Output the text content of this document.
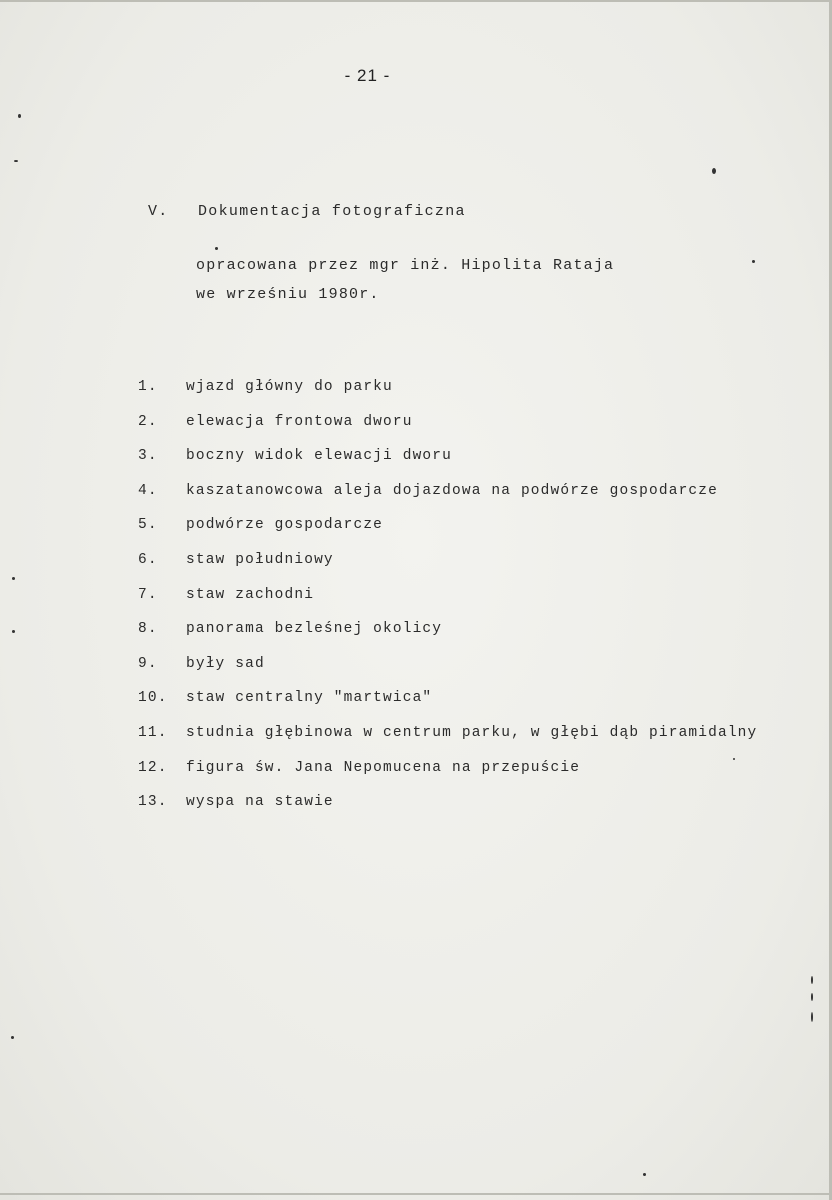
- 21 -
V. Dokumentacja fotograficzna
opracowana przez mgr inż. Hipolita Rataja
we wrześniu 1980r.
1.	wjazd główny do parku
2.	elewacja frontowa dworu
3.	boczny widok elewacji dworu
4.	kaszatanowcowa aleja dojazdowa na podwórze gospodarcze
5.	podwórze gospodarcze
6.	staw południowy
7.	staw zachodni
8.	panorama bezleśnej okolicy
9.	były sad
10.	staw centralny "martwica"
11.	studnia głębinowa w centrum parku, w głębi dąb piramidalny
12.	figura św. Jana Nepomucena na przepuście
13.	wyspa na stawie
